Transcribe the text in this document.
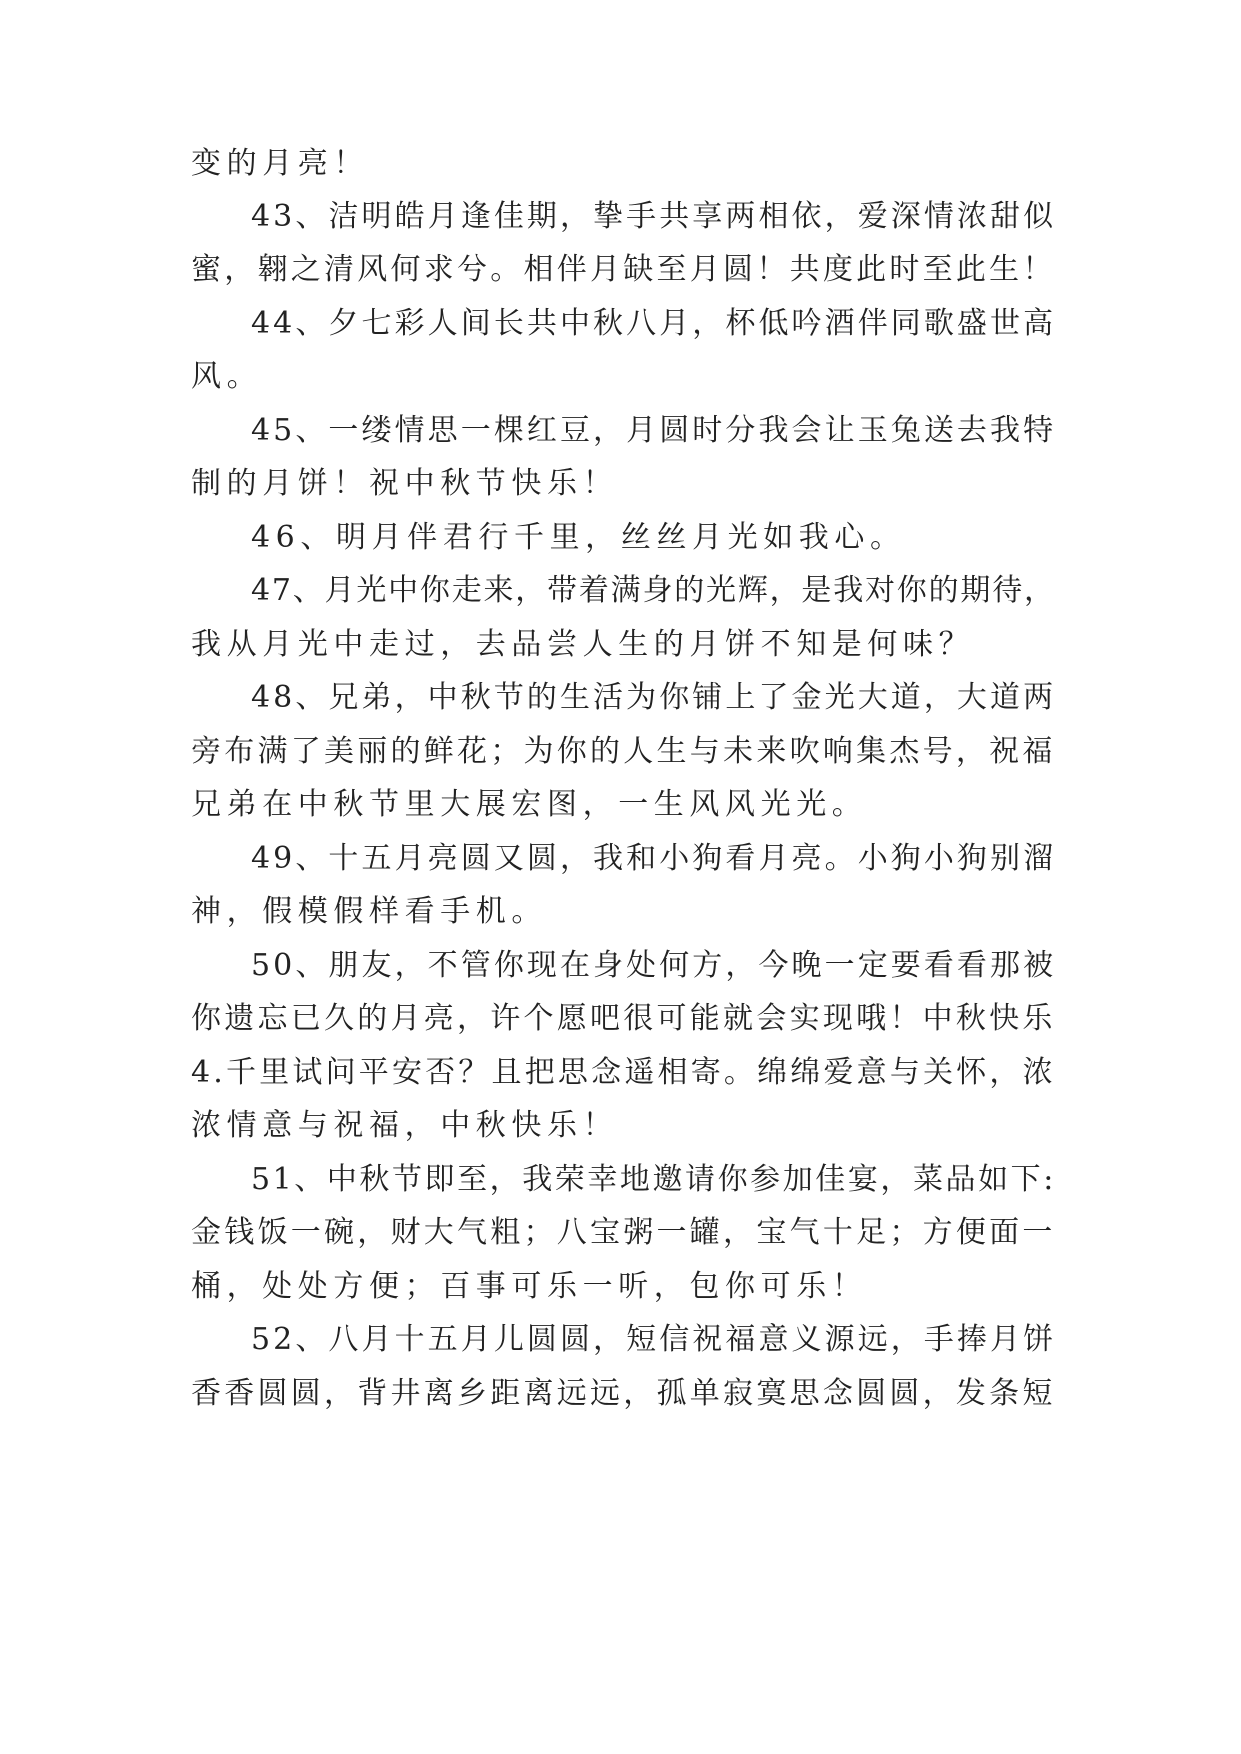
变的月亮！
43、洁明皓月逢佳期，挚手共享两相依，爱深情浓甜似
蜜，翱之清风何求兮。相伴月缺至月圆！共度此时至此生！
44、夕七彩人间长共中秋八月，杯低吟酒伴同歌盛世高
风。
45、一缕情思一棵红豆，月圆时分我会让玉兔送去我特
制的月饼！祝中秋节快乐！
46、明月伴君行千里，丝丝月光如我心。
47、月光中你走来，带着满身的光辉，是我对你的期待，
我从月光中走过，去品尝人生的月饼不知是何味？
48、兄弟，中秋节的生活为你铺上了金光大道，大道两
旁布满了美丽的鲜花；为你的人生与未来吹响集杰号，祝福
兄弟在中秋节里大展宏图，一生风风光光。
49、十五月亮圆又圆，我和小狗看月亮。小狗小狗别溜
神，假模假样看手机。
50、朋友，不管你现在身处何方，今晚一定要看看那被
你遗忘已久的月亮，许个愿吧很可能就会实现哦！中秋快乐
4.千里试问平安否？且把思念遥相寄。绵绵爱意与关怀，浓
浓情意与祝福，中秋快乐！
51、中秋节即至，我荣幸地邀请你参加佳宴，菜品如下:
金钱饭一碗，财大气粗；八宝粥一罐，宝气十足；方便面一
桶，处处方便；百事可乐一听，包你可乐！
52、八月十五月儿圆圆，短信祝福意义源远，手捧月饼
香香圆圆，背井离乡距离远远，孤单寂寞思念圆圆，发条短
